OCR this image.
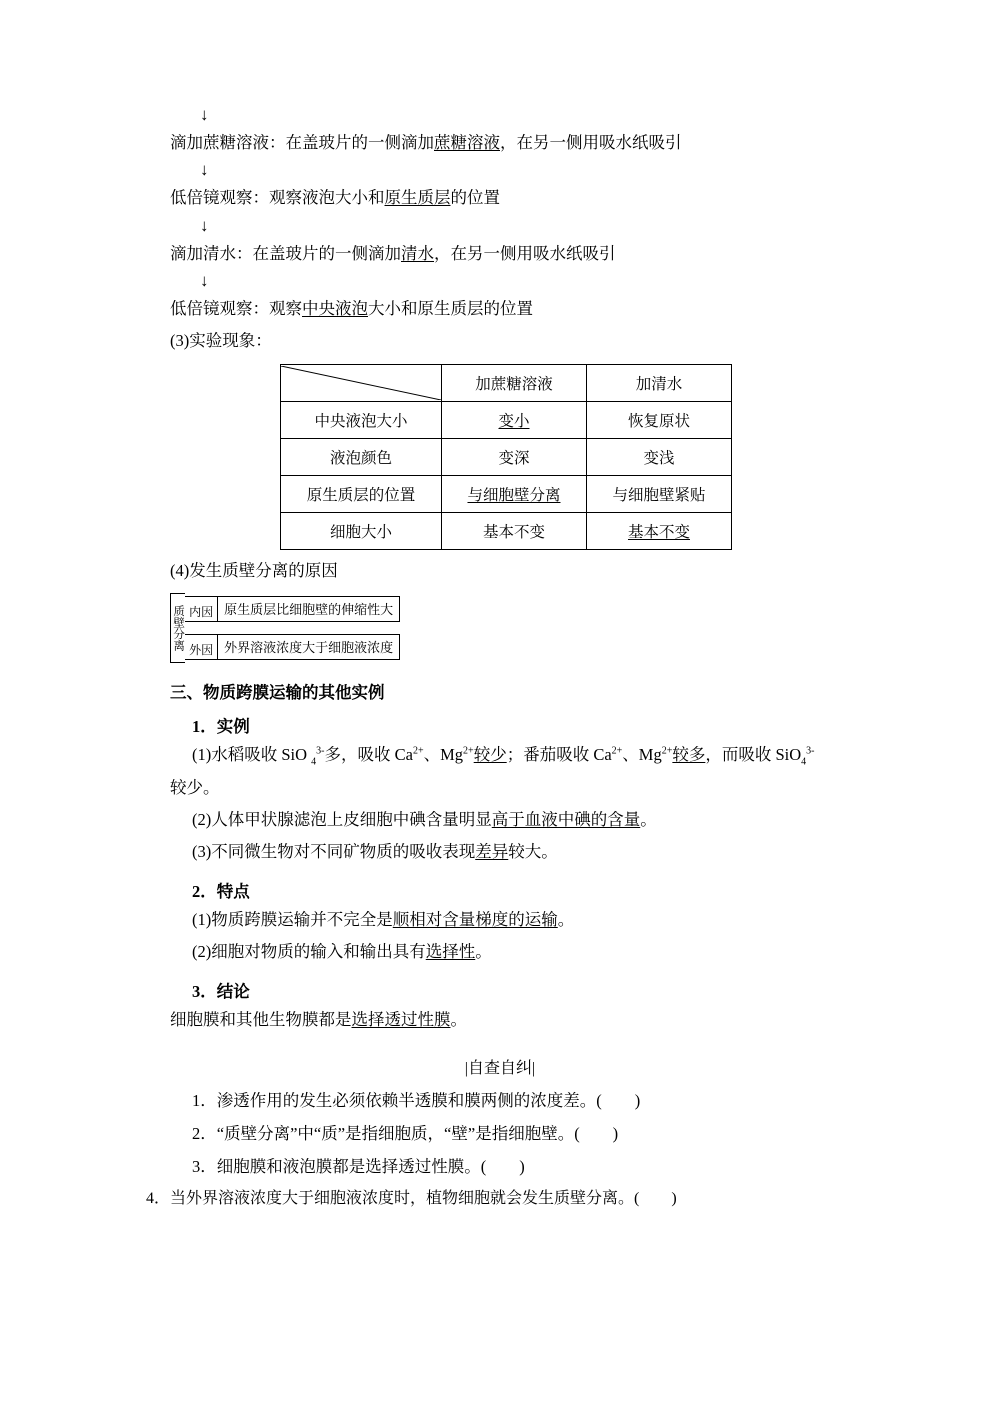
↓
滴加蔗糖溶液：在盖玻片的一侧滴加蔗糖溶液，在另一侧用吸水纸吸引
↓
低倍镜观察：观察液泡大小和原生质层的位置
↓
滴加清水：在盖玻片的一侧滴加清水，在另一侧用吸水纸吸引
↓
低倍镜观察：观察中央液泡大小和原生质层的位置
(3)实验现象：
	加蔗糖溶液	加清水
中央液泡大小	变小	恢复原状
液泡颜色	变深	变浅
原生质层的位置	与细胞壁分离	与细胞壁紧贴
细胞大小	基本不变	基本不变
(4)发生质壁分离的原因
质壁分离 内因 原生质层比细胞壁的伸缩性大
外因 外界溶液浓度大于细胞液浓度
三、物质跨膜运输的其他实例
1．实例
(1)水稻吸收 SiO $_4^{3-}$多，吸收 $Ca^{2+}$、$Mg^{2+}$较少；番茄吸收 $Ca^{2+}$、$Mg^{2+}$较多，而吸收 SiO$_4^{3-}$
较少。
(2)人体甲状腺滤泡上皮细胞中碘含量明显高于血液中碘的含量。
(3)不同微生物对不同矿物质的吸收表现差异较大。
2．特点
(1)物质跨膜运输并不完全是顺相对含量梯度的运输。
(2)细胞对物质的输入和输出具有选择性。
3．结论
细胞膜和其他生物膜都是选择透过性膜。
|自查自纠|
1．渗透作用的发生必须依赖半透膜和膜两侧的浓度差。(　　)
2．“质壁分离”中“质”是指细胞质，“壁”是指细胞壁。(　　)
3．细胞膜和液泡膜都是选择透过性膜。(　　)
4．当外界溶液浓度大于细胞液浓度时，植物细胞就会发生质壁分离。(　　)
